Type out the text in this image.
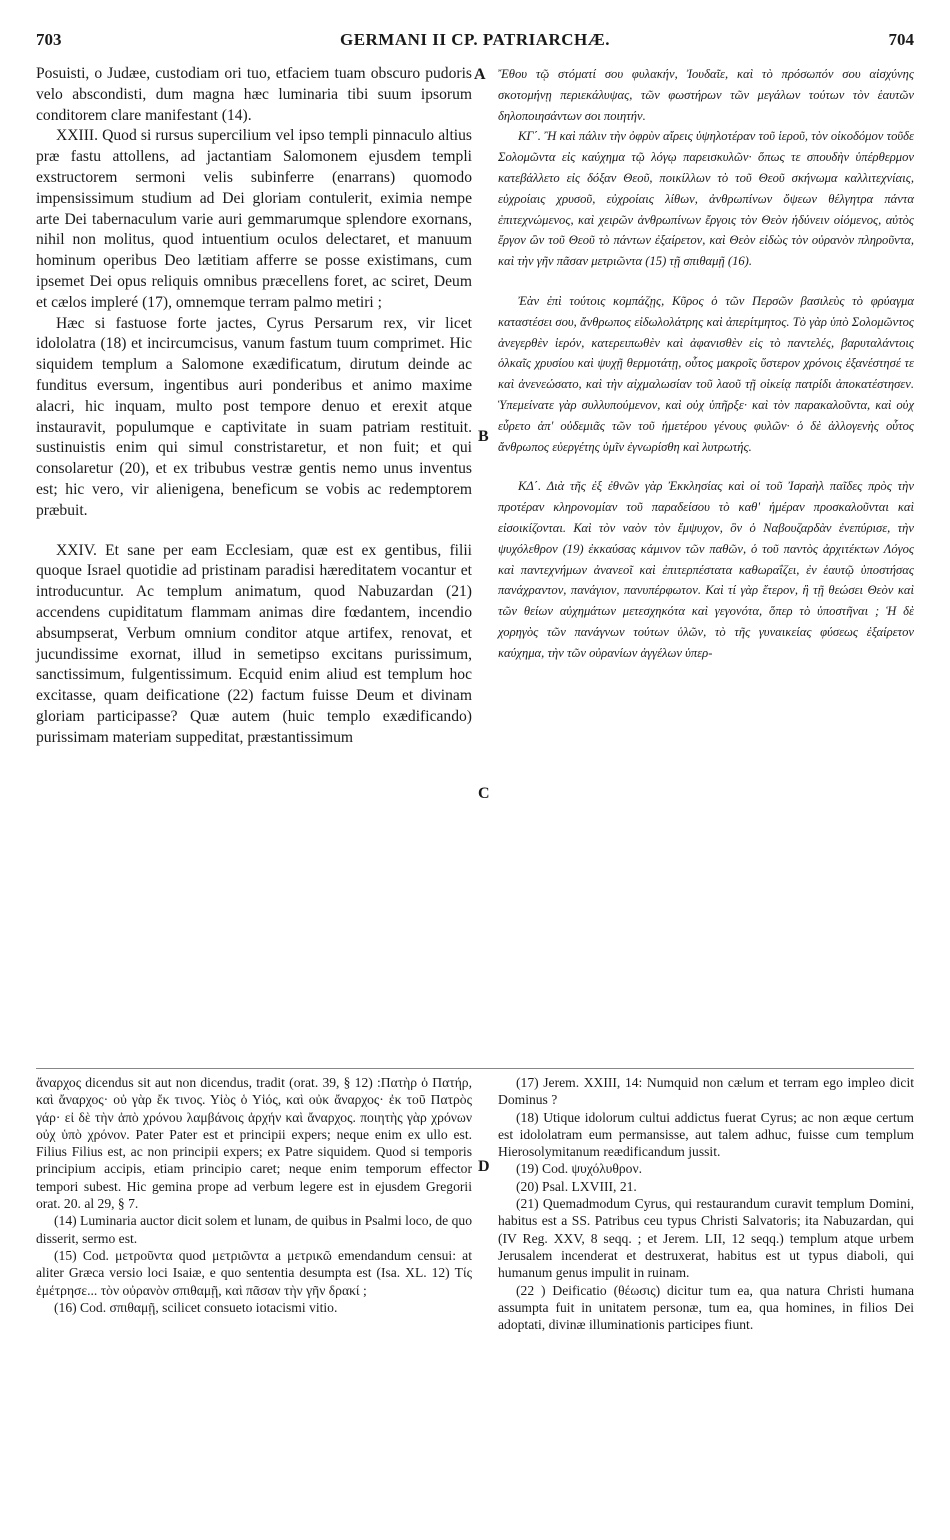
703	GERMANI II CP. PATRIARCHÆ.	704

Posuisti, o Judæe, custodiam ori tuo, etfaciem tuam obscuro pudoris velo abscondisti, dum magna hæc luminaria tibi suum ipsorum conditorem clare manifestant (14).

XXIII. Quod si rursus supercilium vel ipso templi pinnaculo altius præ fastu attollens, ad jactantiam Salomonem ejusdem templi exstructorem sermoni velis subinferre (enarrans) quomodo impensissimum studium ad Dei gloriam contulerit, eximia nempe arte Dei tabernaculum varie auri gemmarumque splendore exornans, nihil non molitus, quod intuentium oculos delectaret, et manuum hominum operibus Deo lætitiam afferre se posse existimans, cum ipsemet Dei opus reliquis omnibus præcellens foret, ac sciret, Deum et cælos impleré (17), omnemque terram palmo metiri ;

Hæc si fastuose forte jactes, Cyrus Persarum rex, vir licet idololatra (18) et incircumcisus, vanum fastum tuum comprimet. Hic siquidem templum a Salomone exædificatum, dirutum deinde ac funditus eversum, ingentibus auri ponderibus et animo maxime alacri, hic inquam, multo post tempore denuo et erexit atque instauravit, populumque e captivitate in suam patriam restituit. sustinuistis enim qui simul constristaretur, et non fuit; et qui consolaretur (20), et ex tribubus vestræ gentis nemo unus inventus est; hic vero, vir alienigena, beneficum se vobis ac redemptorem præbuit.

XXIV. Et sane per eam Ecclesiam, quæ est ex gentibus, filii quoque Israel quotidie ad pristinam paradisi hæreditatem vocantur et introducuntur. Ac templum animatum, quod Nabuzardan (21) accendens cupiditatum flammam animas dire fœdantem, incendio absumpserat, Verbum omnium conditor atque artifex, renovat, et jucundissime exornat, illud in semetipso excitans purissimum, sanctissimum, fulgentissimum. Ecquid enim aliud est templum hoc excitasse, quam deificatione (22) factum fuisse Deum et divinam gloriam participasse? Quæ autem (huic templo exædificando) purissimam materiam suppeditat, præstantissimum

A
B
C
D

Ἔθου τῷ στόματί σου φυλακήν, Ἰουδαῖε, καὶ τὸ πρόσωπόν σου αἰσχύνης σκοτομήνῃ περιεκάλυψας, τῶν φωστήρων τῶν μεγάλων τούτων τὸν ἑαυτῶν δηλοποιησάντων σοι ποιητήν.

ΚΓ΄. Ἢ καὶ πάλιν τὴν ὀφρὺν αἴρεις ὑψηλοτέραν τοῦ ἱεροῦ, τὸν οἰκοδόμον τοῦδε Σολομῶντα εἰς καύχημα τῷ λόγῳ παρεισκυλῶν· ὅπως τε σπουδὴν ὑπέρθερμον κατεβάλλετο εἰς δόξαν Θεοῦ, ποικίλλων τὸ τοῦ Θεοῦ σκήνωμα καλλιτεχνίαις, εὐχροίαις χρυσοῦ, εὐχροίαις λίθων, ἀνθρωπίνων ὄψεων θέλγητρα πάντα ἐπιτεχνώμενος, καὶ χειρῶν ἀνθρωπίνων ἔργοις τὸν Θεὸν ἡδύνειν οἰόμενος, αὐτὸς ἔργον ὢν τοῦ Θεοῦ τὸ πάντων ἐξαίρετον, καὶ Θεὸν εἰδὼς τὸν οὐρανὸν πληροῦντα, καὶ τὴν γῆν πᾶσαν μετριῶντα (15) τῇ σπιθαμῇ (16).

Ἐὰν ἐπὶ τούτοις κομπάζῃς, Κῦρος ὁ τῶν Περσῶν βασιλεὺς τὸ φρύαγμα καταστέσει σου, ἄνθρωπος εἰδωλολάτρης καὶ ἀπερίτμητος. Τὸ γὰρ ὑπὸ Σολομῶντος ἀνεγερθὲν ἱερόν, κατερειπωθὲν καὶ ἀφανισθὲν εἰς τὸ παντελές, βαρυταλάντοις ὁλκαῖς χρυσίου καὶ ψυχῇ θερμοτάτῃ, οὗτος μακροῖς ὕστερον χρόνοις ἐξανέστησέ τε καὶ ἀνενεώσατο, καὶ τὴν αἰχμαλωσίαν τοῦ λαοῦ τῇ οἰκείᾳ πατρίδι ἀποκατέστησεν. Ὑπεμείνατε γὰρ συλλυπούμενον, καὶ οὐχ ὑπῆρξε· καὶ τὸν παρακαλοῦντα, καὶ οὐχ εὗρετο ἀπ' οὐδεμιᾶς τῶν τοῦ ἡμετέρου γένους φυλῶν· ὁ δὲ ἀλλογενὴς οὗτος ἄνθρωπος εὐεργέτης ὑμῖν ἐγνωρίσθη καὶ λυτρωτής.

ΚΔ΄. Διὰ τῆς ἐξ ἐθνῶν γὰρ Ἐκκλησίας καὶ οἱ τοῦ Ἰσραὴλ παῖδες πρὸς τὴν προτέραν κληρονομίαν τοῦ παραδείσου τὸ καθ' ἡμέραν προσκαλοῦνται καὶ εἰσοικίζονται. Καὶ τὸν ναὸν τὸν ἔμψυχον, ὃν ὁ Ναβουζαρδὰν ἐνεπύρισε, τὴν ψυχόλεθρον (19) ἐκκαύσας κάμινον τῶν παθῶν, ὁ τοῦ παντὸς ἀρχιτέκτων Λόγος καὶ παντεχνήμων ἀνανεοῖ καὶ ἐπιτερπέστατα καθωραΐζει, ἐν ἑαυτῷ ὑποστήσας πανάχραντον, πανάγιον, πανυπέρφωτον. Καὶ τί γὰρ ἕτερον, ἢ τῇ θεώσει Θεὸν καὶ τῶν θείων αὐχημάτων μετεσχηκότα καὶ γεγονότα, ὅπερ τὸ ὑποστῆναι ; Ἡ δὲ χορηγὸς τῶν πανάγνων τούτων ὑλῶν, τὸ τῆς γυναικείας φύσεως ἐξαίρετον καύχημα, τὴν τῶν οὐρανίων ἀγγέλων ὑπερ-

ἄναρχος dicendus sit aut non dicendus, tradit (orat. 39, § 12) :Πατὴρ ὁ Πατήρ, καὶ ἄναρχος· οὐ γὰρ ἔκ τινος. Υἱὸς ὁ Υἱός, καὶ οὐκ ἄναρχος· ἐκ τοῦ Πατρὸς γάρ· εἰ δὲ τὴν ἀπὸ χρόνου λαμβάνοις ἀρχήν καὶ ἄναρχος. ποιητὴς γὰρ χρόνων οὐχ ὑπὸ χρόνον. Pater Pater est et principii expers; neque enim ex ullo est. Filius Filius est, ac non principii expers; ex Patre siquidem. Quod si temporis principium accipis, etiam principio caret; neque enim temporum effector tempori subest. Hic gemina prope ad verbum legere est in ejusdem Gregorii orat. 20. al 29, § 7.

(14) Luminaria auctor dicit solem et lunam, de quibus in Psalmi loco, de quo disserit, sermo est.

(15) Cod. μετροῦντα quod μετριῶντα a μετρικῶ emendandum censui: at aliter Græca versio loci Isaiæ, e quo sententia desumpta est (Isa. XL. 12) Τίς ἐμέτρησε... τὸν οὐρανὸν σπιθαμῇ, καὶ πᾶσαν τὴν γῆν δρακί ;

(16) Cod. σπιθαμῇ, scilicet consueto iotacismi vitio.

(17) Jerem. XXIII, 14: Numquid non cælum et terram ego impleo dicit Dominus ?

(18) Utique idolorum cultui addictus fuerat Cyrus; ac non æque certum est idololatram eum permansisse, aut talem adhuc, fuisse cum templum Hierosolymitanum reædificandum jussit.

(19) Cod. ψυχόλυθρον.

(20) Psal. LXVIII, 21.

(21) Quemadmodum Cyrus, qui restaurandum curavit templum Domini, habitus est a SS. Patribus ceu typus Christi Salvatoris; ita Nabuzardan, qui (IV Reg. XXV, 8 seqq. ; et Jerem. LII, 12 seqq.) templum atque urbem Jerusalem incenderat et destruxerat, habitus est ut typus diaboli, qui humanum genus impulit in ruinam.

(22 ) Deificatio (θέωσις) dicitur tum ea, qua natura Christi humana assumpta fuit in unitatem personæ, tum ea, qua homines, in filios Dei adoptati, divinæ illuminationis participes fiunt.
